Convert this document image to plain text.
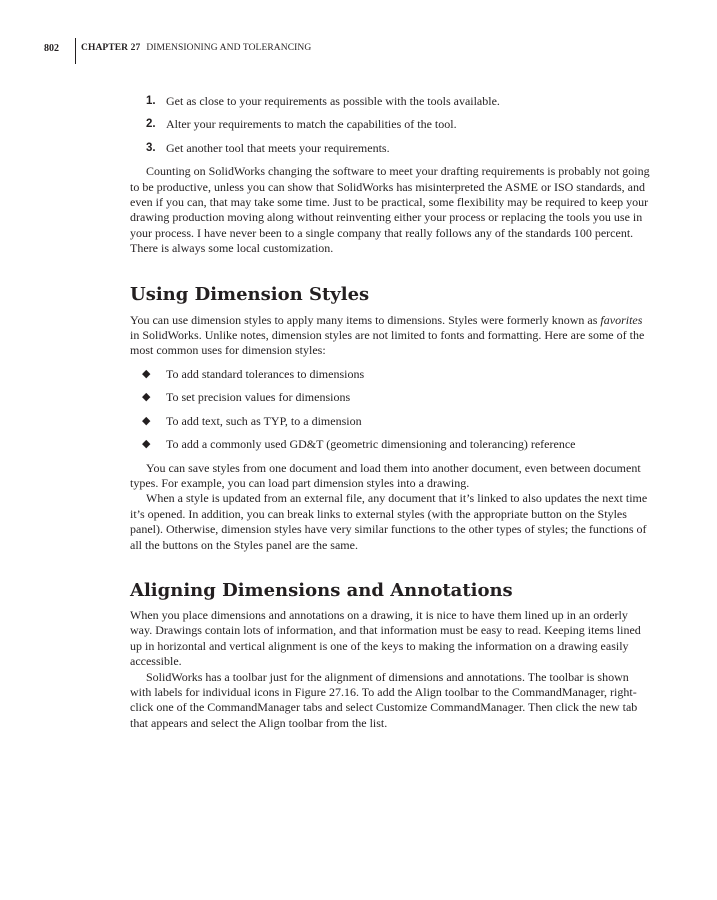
802 CHAPTER 27 DIMENSIONING AND TOLERANCING
1. Get as close to your requirements as possible with the tools available.
2. Alter your requirements to match the capabilities of the tool.
3. Get another tool that meets your requirements.

Counting on SolidWorks changing the software to meet your drafting requirements is probably not going to be productive, unless you can show that SolidWorks has misinterpreted the ASME or ISO standards, and even if you can, that may take some time. Just to be practical, some flexibility may be required to keep your drawing production moving along without reinventing either your process or replacing the tools you use in your process. I have never been to a single company that really follows any of the standards 100 percent. There is always some local customization.

Using Dimension Styles

You can use dimension styles to apply many items to dimensions. Styles were formerly known as favorites in SolidWorks. Unlike notes, dimension styles are not limited to fonts and formatting. Here are some of the most common uses for dimension styles:

◆ To add standard tolerances to dimensions
◆ To set precision values for dimensions
◆ To add text, such as TYP, to a dimension
◆ To add a commonly used GD&T (geometric dimensioning and tolerancing) reference

You can save styles from one document and load them into another document, even between document types. For example, you can load part dimension styles into a drawing.

When a style is updated from an external file, any document that it’s linked to also updates the next time it’s opened. In addition, you can break links to external styles (with the appropriate button on the Styles panel). Otherwise, dimension styles have very similar functions to the other types of styles; the functions of all the buttons on the Styles panel are the same.

Aligning Dimensions and Annotations

When you place dimensions and annotations on a drawing, it is nice to have them lined up in an orderly way. Drawings contain lots of information, and that information must be easy to read. Keeping items lined up in horizontal and vertical alignment is one of the keys to making the information on a drawing easily accessible.

SolidWorks has a toolbar just for the alignment of dimensions and annotations. The toolbar is shown with labels for individual icons in Figure 27.16. To add the Align toolbar to the CommandManager, right-click one of the CommandManager tabs and select Customize CommandManager. Then click the new tab that appears and select the Align toolbar from the list.
